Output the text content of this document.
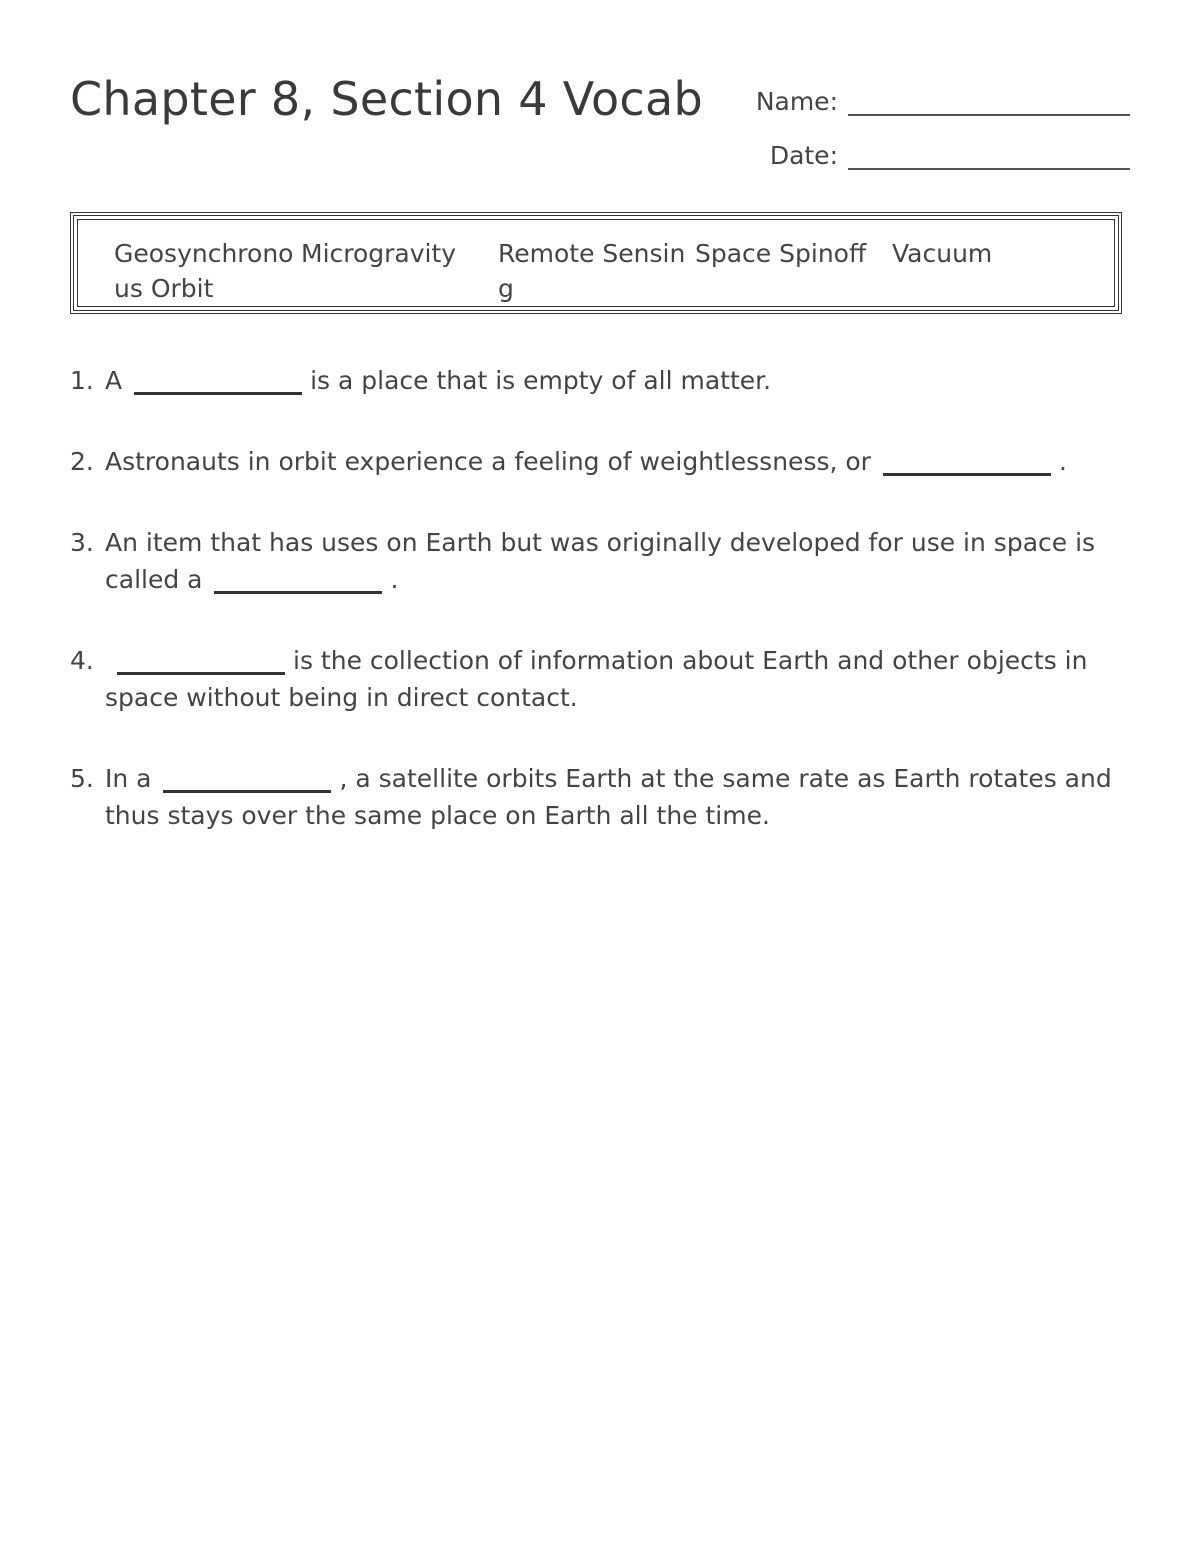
Chapter 8, Section 4 Vocab	Name:
Date:
Geosynchronous Orbit
Microgravity	Remote Sensing
Space Spinoff	Vacuum
1. A	is a place that is empty of all matter.
2. Astronauts in orbit experience a feeling of weightlessness, or	.
3. An item that has uses on Earth but was originally developed for use in space is called a	.
4.	is the collection of information about Earth and other objects in space without being in direct contact.
5. In a	, a satellite orbits Earth at the same rate as Earth rotates and thus stays over the same place on Earth all the time.
